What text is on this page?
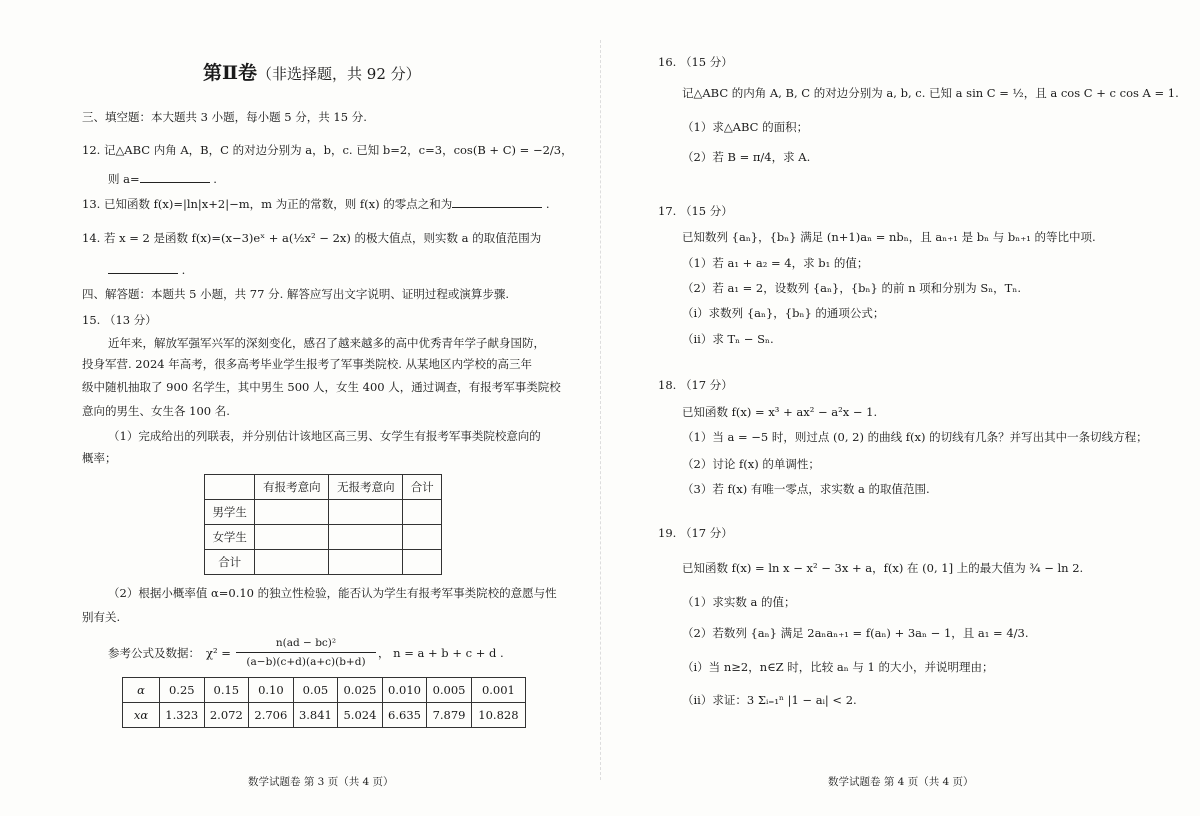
第Ⅱ卷（非选择题，共 92 分）
三、填空题：本大题共 3 小题，每小题 5 分，共 15 分.
12. 记△ABC 内角 A，B，C 的对边分别为 a，b，c. 已知 b=2，c=3，cos(B + C) = −2/3，
则 a=	.
13. 已知函数 f(x)=|ln|x+2|−m，m 为正的常数，则 f(x) 的零点之和为	.
14. 若 x = 2 是函数 f(x)=(x−3)eˣ + a(½x² − 2x) 的极大值点，则实数 a 的取值范围为
.
四、解答题：本题共 5 小题，共 77 分. 解答应写出文字说明、证明过程或演算步骤.
15. （13 分）
近年来，解放军强军兴军的深刻变化，感召了越来越多的高中优秀青年学子献身国防，
投身军营. 2024 年高考，很多高考毕业学生报考了军事类院校. 从某地区内学校的高三年
级中随机抽取了 900 名学生，其中男生 500 人，女生 400 人，通过调查，有报考军事类院校
意向的男生、女生各 100 名.
（1）完成给出的列联表，并分别估计该地区高三男、女学生有报考军事类院校意向的
概率；
	有报考意向	无报考意向	合计
男学生			
女学生			
合计			
（2）根据小概率值 α=0.10 的独立性检验，能否认为学生有报考军事类院校的意愿与性
别有关.
参考公式及数据： χ² =
n(ad − bc)²
(a−b)(c+d)(a+c)(b+d)
， n = a + b + c + d .
α	0.25	0.15	0.10	0.05	0.025	0.010	0.005	0.001
xα	1.323	2.072	2.706	3.841	5.024	6.635	7.879	10.828
数学试题卷 第 3 页（共 4 页）
16. （15 分）
记△ABC 的内角 A, B, C 的对边分别为 a, b, c. 已知 a sin C = ½，且 a cos C + c cos A = 1.
（1）求△ABC 的面积；
（2）若 B = π/4，求 A.
17. （15 分）
已知数列 {aₙ}，{bₙ} 满足 (n+1)aₙ = nbₙ，且 aₙ₊₁ 是 bₙ 与 bₙ₊₁ 的等比中项.
（1）若 a₁ + a₂ = 4，求 b₁ 的值；
（2）若 a₁ = 2，设数列 {aₙ}，{bₙ} 的前 n 项和分别为 Sₙ，Tₙ.
（i）求数列 {aₙ}，{bₙ} 的通项公式；
（ii）求 Tₙ − Sₙ.
18. （17 分）
已知函数 f(x) = x³ + ax² − a²x − 1.
（1）当 a = −5 时，则过点 (0, 2) 的曲线 f(x) 的切线有几条？并写出其中一条切线方程；
（2）讨论 f(x) 的单调性；
（3）若 f(x) 有唯一零点，求实数 a 的取值范围.
19. （17 分）
已知函数 f(x) = ln x − x² − 3x + a，f(x) 在 (0, 1] 上的最大值为 ¾ − ln 2.
（1）求实数 a 的值；
（2）若数列 {aₙ} 满足 2aₙaₙ₊₁ = f(aₙ) + 3aₙ − 1，且 a₁ = 4/3.
（i）当 n≥2，n∈Z 时，比较 aₙ 与 1 的大小，并说明理由；
（ii）求证：3 Σᵢ₌₁ⁿ |1 − aᵢ| < 2.
数学试题卷 第 4 页（共 4 页）
